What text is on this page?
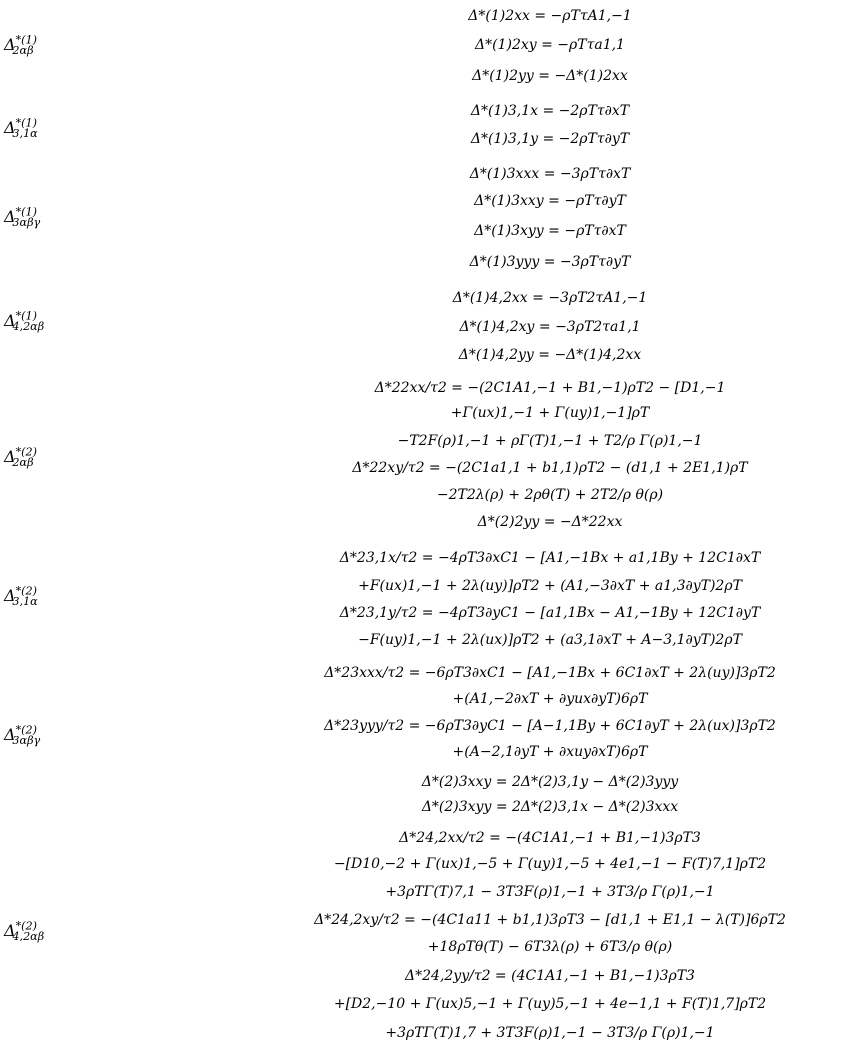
$\Delta^{*(1)}_{2\alpha\beta}$
$\Delta^{*(1)}_{3,1\alpha}$
$\Delta^{*(1)}_{3\alpha\beta\gamma}$
$\Delta^{*(1)}_{4,2\alpha\beta}$
$\Delta^{*(2)}_{2\alpha\beta}$
$\Delta^{*(2)}_{3,1\alpha}$
$\Delta^{*(2)}_{3\alpha\beta\gamma}$
$\Delta^{*(2)}_{4,2\alpha\beta}$
Δ*(1)2xx = −ρTτA1,−1
Δ*(1)2xy = −ρTτa1,1
Δ*(1)2yy = −Δ*(1)2xx
Δ*(1)3,1x = −2ρTτ∂xT
Δ*(1)3,1y = −2ρTτ∂yT
Δ*(1)3xxx = −3ρTτ∂xT
Δ*(1)3xxy = −ρTτ∂yT
Δ*(1)3xyy = −ρTτ∂xT
Δ*(1)3yyy = −3ρTτ∂yT
Δ*(1)4,2xx = −3ρT2τA1,−1
Δ*(1)4,2xy = −3ρT2τa1,1
Δ*(1)4,2yy = −Δ*(1)4,2xx
Δ*22xx/τ2 = −(2C1A1,−1 + B1,−1)ρT2 − [D1,−1
+Γ(ux)1,−1 + Γ(uy)1,−1]ρT
−T2F(ρ)1,−1 + ρΓ(T)1,−1 + T2/ρ Γ(ρ)1,−1
Δ*22xy/τ2 = −(2C1a1,1 + b1,1)ρT2 − (d1,1 + 2E1,1)ρT
−2T2λ(ρ) + 2ρθ(T) + 2T2/ρ θ(ρ)
Δ*(2)2yy = −Δ*22xx
Δ*23,1x/τ2 = −4ρT3∂xC1 − [A1,−1Bx + a1,1By + 12C1∂xT
+F(ux)1,−1 + 2λ(uy)]ρT2 + (A1,−3∂xT + a1,3∂yT)2ρT
Δ*23,1y/τ2 = −4ρT3∂yC1 − [a1,1Bx − A1,−1By + 12C1∂yT
−F(uy)1,−1 + 2λ(ux)]ρT2 + (a3,1∂xT + A−3,1∂yT)2ρT
Δ*23xxx/τ2 = −6ρT3∂xC1 − [A1,−1Bx + 6C1∂xT + 2λ(uy)]3ρT2
+(A1,−2∂xT + ∂yux∂yT)6ρT
Δ*23yyy/τ2 = −6ρT3∂yC1 − [A−1,1By + 6C1∂yT + 2λ(ux)]3ρT2
+(A−2,1∂yT + ∂xuy∂xT)6ρT
Δ*(2)3xxy = 2Δ*(2)3,1y − Δ*(2)3yyy
Δ*(2)3xyy = 2Δ*(2)3,1x − Δ*(2)3xxx
Δ*24,2xx/τ2 = −(4C1A1,−1 + B1,−1)3ρT3
−[D10,−2 + Γ(ux)1,−5 + Γ(uy)1,−5 + 4e1,−1 − F(T)7,1]ρT2
+3ρTΓ(T)7,1 − 3T3F(ρ)1,−1 + 3T3/ρ Γ(ρ)1,−1
Δ*24,2xy/τ2 = −(4C1a11 + b1,1)3ρT3 − [d1,1 + E1,1 − λ(T)]6ρT2
+18ρTθ(T) − 6T3λ(ρ) + 6T3/ρ θ(ρ)
Δ*24,2yy/τ2 = (4C1A1,−1 + B1,−1)3ρT3
+[D2,−10 + Γ(ux)5,−1 + Γ(uy)5,−1 + 4e−1,1 + F(T)1,7]ρT2
+3ρTΓ(T)1,7 + 3T3F(ρ)1,−1 − 3T3/ρ Γ(ρ)1,−1
